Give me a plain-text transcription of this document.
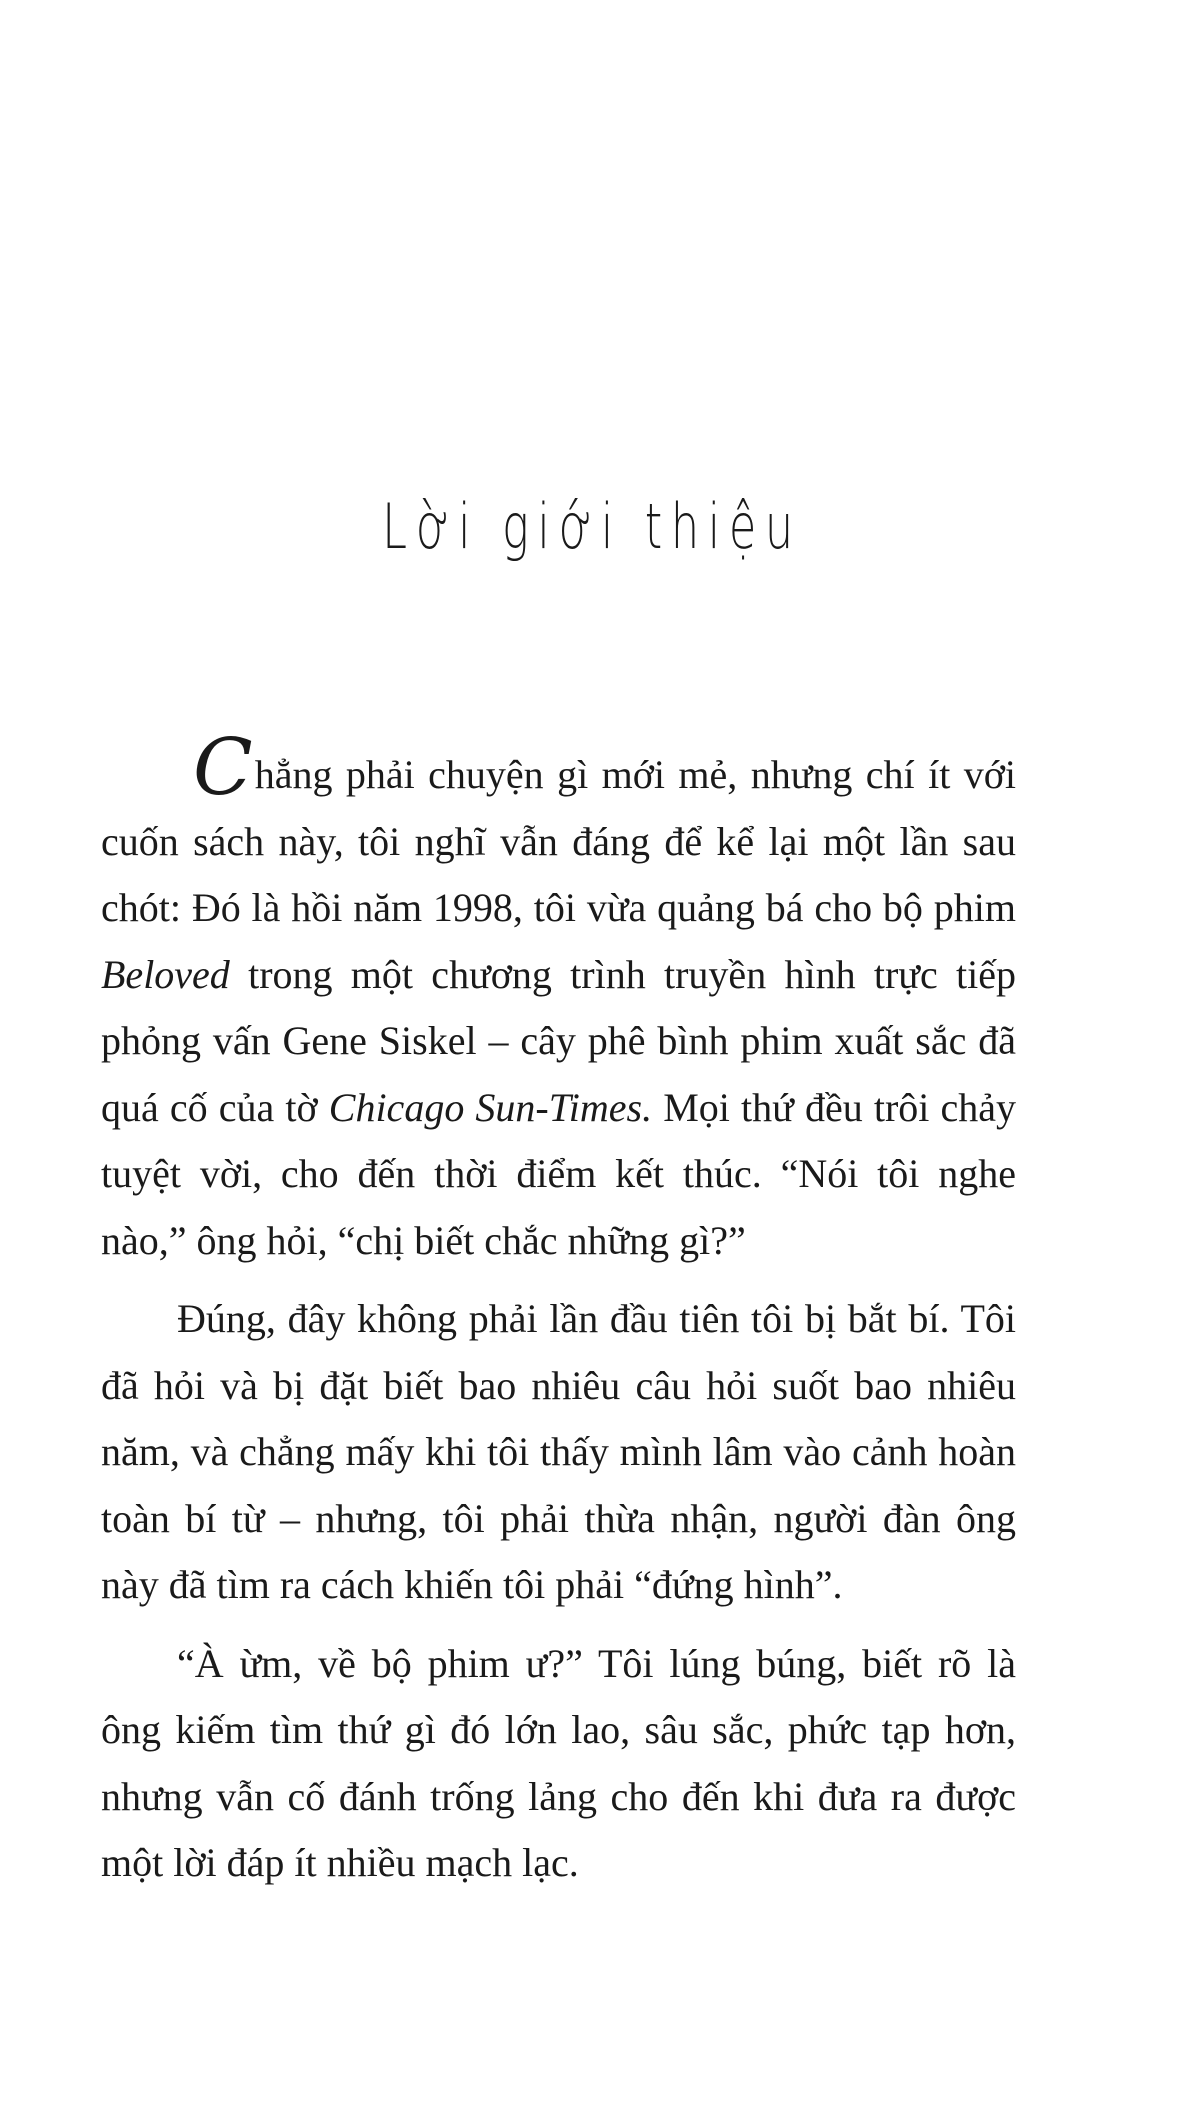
Lời giới thiệu

Chẳng phải chuyện gì mới mẻ, nhưng chí ít với cuốn sách này, tôi nghĩ vẫn đáng để kể lại một lần sau chót: Đó là hồi năm 1998, tôi vừa quảng bá cho bộ phim Beloved trong một chương trình truyền hình trực tiếp phỏng vấn Gene Siskel – cây phê bình phim xuất sắc đã quá cố của tờ Chicago Sun-Times. Mọi thứ đều trôi chảy tuyệt vời, cho đến thời điểm kết thúc. “Nói tôi nghe nào,” ông hỏi, “chị biết chắc những gì?”

Đúng, đây không phải lần đầu tiên tôi bị bắt bí. Tôi đã hỏi và bị đặt biết bao nhiêu câu hỏi suốt bao nhiêu năm, và chẳng mấy khi tôi thấy mình lâm vào cảnh hoàn toàn bí từ – nhưng, tôi phải thừa nhận, người đàn ông này đã tìm ra cách khiến tôi phải “đứng hình”.

“À ừm, về bộ phim ư?” Tôi lúng búng, biết rõ là ông kiếm tìm thứ gì đó lớn lao, sâu sắc, phức tạp hơn, nhưng vẫn cố đánh trống lảng cho đến khi đưa ra được một lời đáp ít nhiều mạch lạc.
